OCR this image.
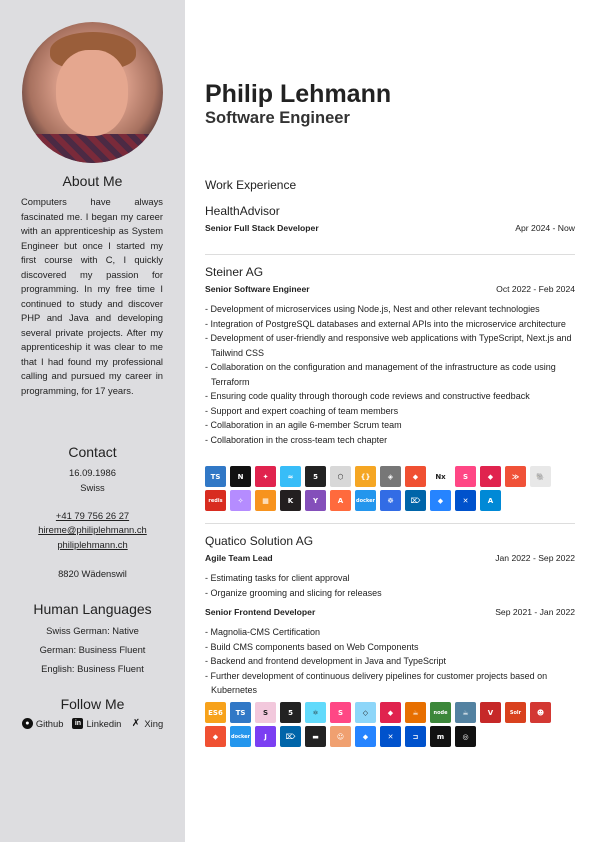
About Me
Computers have always fascinated me. I began my career with an apprenticeship as System Engineer but once I started my first course with C, I quickly discovered my passion for programming. In my free time I continued to study and discover PHP and Java and developing several private projects. After my apprenticeship it was clear to me that I had found my professional calling and pursued my career in programming, for 17 years.
Contact
16.09.1986
Swiss
+41 79 756 26 27
hireme@philiplehmann.ch
philiplehmann.ch
8820 Wädenswil
Human Languages
Swiss German: Native
German: Business Fluent
English: Business Fluent
Follow Me
● Github	in Linkedin ✗ Xing
Philip Lehmann
Software Engineer
Work Experience
HealthAdvisor
Senior Full Stack Developer	Apr 2024 - Now
Steiner AG
Senior Software Engineer	Oct 2022 - Feb 2024
- Development of microservices using Node.js, Nest and other relevant technologies
- Integration of PostgreSQL databases and external APIs into the microservice architecture
- Development of user-friendly and responsive web applications with TypeScript, Next.js and Tailwind CSS
- Collaboration on the configuration and management of the infrastructure as code using Terraform
- Ensuring code quality through thorough code reviews and constructive feedback
- Support and expert coaching of team members
- Collaboration in an agile 6-member Scrum team
- Collaboration in the cross-team tech chapter
TS	N	✦	≈	5	⬡	{}	◈	◆	Nx	S	◆	≫	🐘
redis	✧	▦	K	Y	A	docker	☸	⌦	◆	✕	A
Quatico Solution AG
Agile Team Lead	Jan 2022 - Sep 2022
- Estimating tasks for client approval
- Organize grooming and slicing for releases
Senior Frontend Developer	Sep 2021 - Jan 2022
- Magnolia-CMS Certification
- Build CMS components based on Web Components
- Backend and frontend development in Java and TypeScript
- Further development of continuous delivery pipelines for customer projects based on Kubernetes
ES6	TS	S	5	⚛	S	◇	◆	☕	node	☕	V	Solr	☻
◆	docker	J	⌦	▬	☺	◆	✕	⊐	m	◎
